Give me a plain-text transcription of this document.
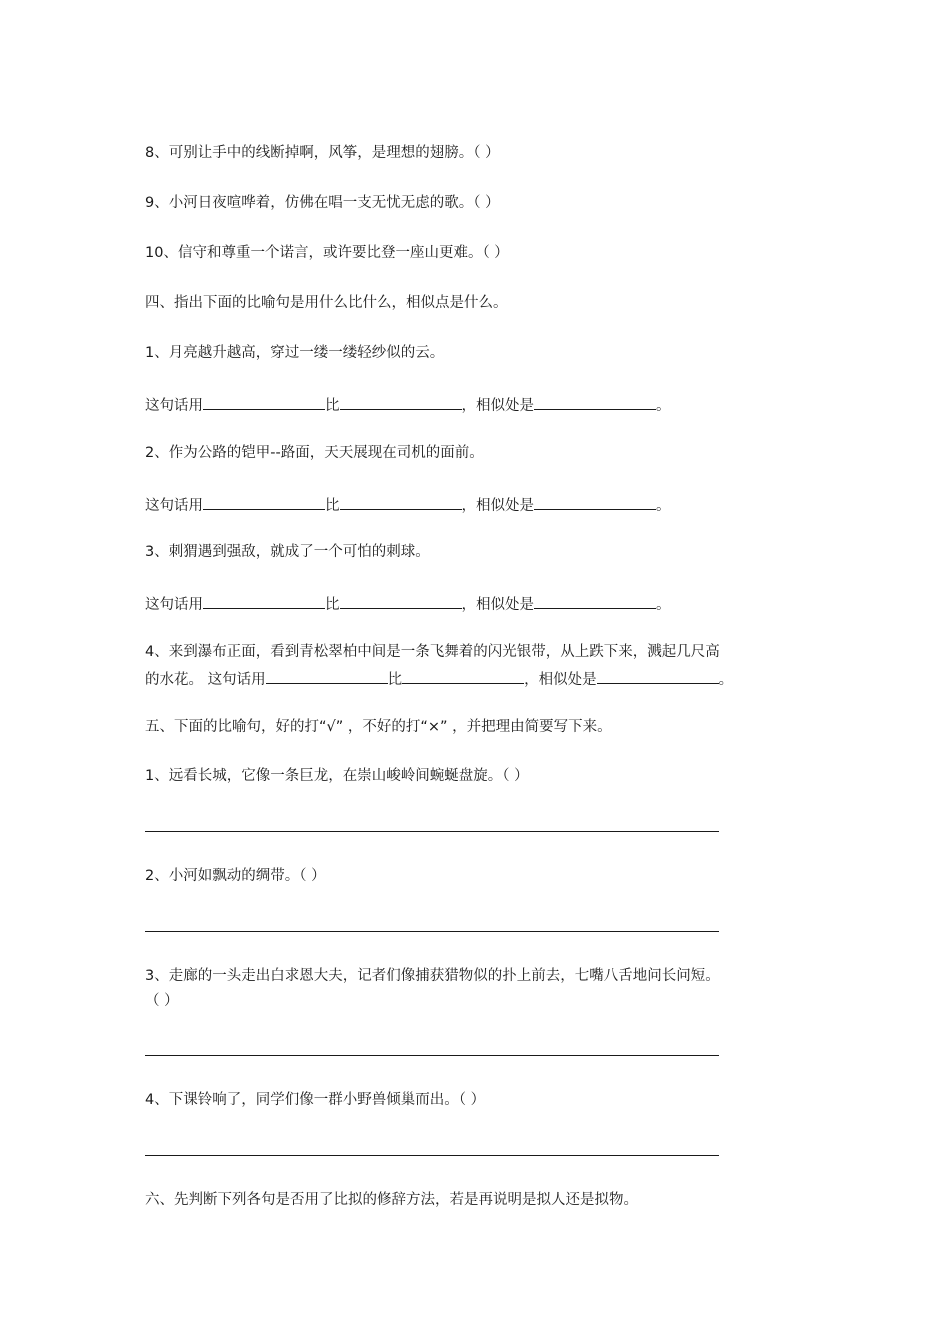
8、可别让手中的线断掉啊，风筝，是理想的翅膀。（ ）
9、小河日夜喧哗着，仿佛在唱一支无忧无虑的歌。（ ）
10、信守和尊重一个诺言，或许要比登一座山更难。（ ）
四、指出下面的比喻句是用什么比什么，相似点是什么。
1、月亮越升越高，穿过一缕一缕轻纱似的云。
这句话用	比	，相似处是	。
2、作为公路的铠甲--路面，天天展现在司机的面前。
这句话用	比	，相似处是	。
3、刺猬遇到强敌，就成了一个可怕的刺球。
这句话用	比	，相似处是	。
4、来到瀑布正面，看到青松翠柏中间是一条飞舞着的闪光银带，从上跌下来，溅起几尺高
的水花。 这句话用	比	，相似处是	。
五、下面的比喻句，好的打“√” ，不好的打“×” ，并把理由简要写下来。
1、远看长城，它像一条巨龙，在崇山峻岭间蜿蜒盘旋。（ ）
2、小河如飘动的绸带。（ ）
3、走廊的一头走出白求恩大夫，记者们像捕获猎物似的扑上前去，七嘴八舌地问长问短。
（ ）
4、下课铃响了，同学们像一群小野兽倾巢而出。（ ）
六、先判断下列各句是否用了比拟的修辞方法，若是再说明是拟人还是拟物。
